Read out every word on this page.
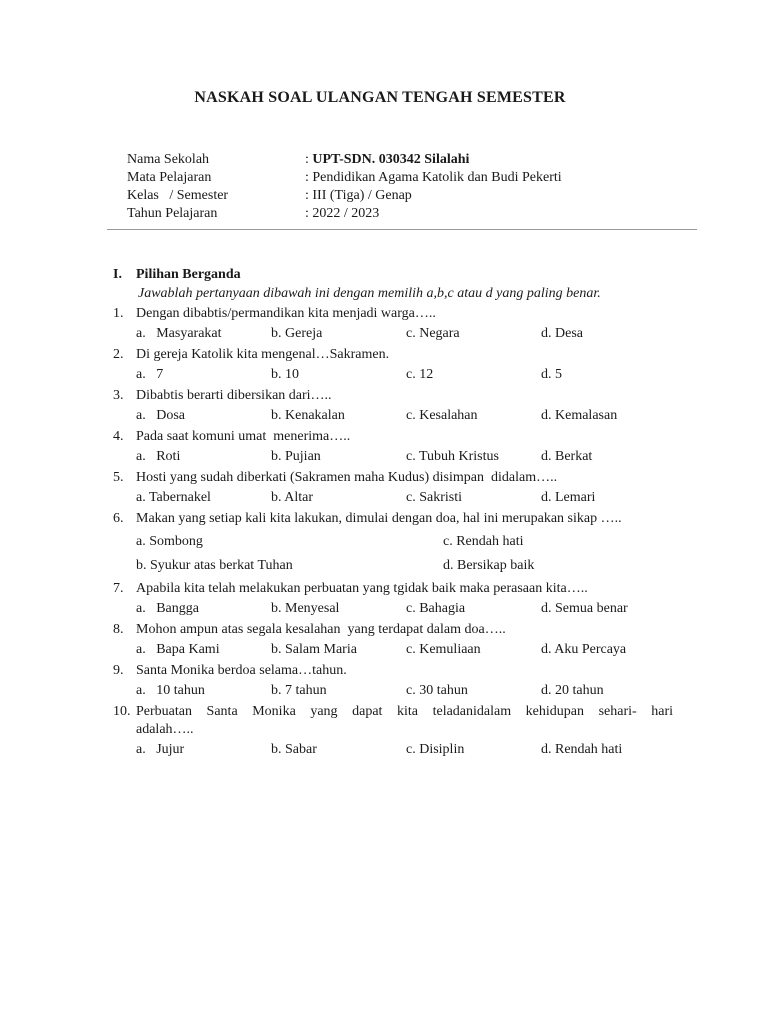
NASKAH SOAL ULANGAN TENGAH SEMESTER
Nama Sekolah	: UPT-SDN. 030342 Silalahi
Mata Pelajaran	: Pendidikan Agama Katolik dan Budi Pekerti
Kelas   / Semester	: III (Tiga) / Genap
Tahun Pelajaran	: 2022 / 2023
I.	Pilihan Berganda
Jawablah pertanyaan dibawah ini dengan memilih a,b,c atau d yang paling benar.
1. Dengan dibabtis/permandikan kita menjadi warga…..
a.   Masyarakat	b. Gereja	c. Negara	d. Desa
2. Di gereja Katolik kita mengenal…Sakramen.
a.   7	b. 10	c. 12	d. 5
3. Dibabtis berarti dibersikan dari…..
a.   Dosa	b. Kenakalan	c. Kesalahan	d. Kemalasan
4. Pada saat komuni umat  menerima…..
a.   Roti	b. Pujian	c. Tubuh Kristus	d. Berkat
5. Hosti yang sudah diberkati (Sakramen maha Kudus) disimpan  didalam…..
a. Tabernakel	b. Altar	c. Sakristi	d. Lemari
6. Makan yang setiap kali kita lakukan, dimulai dengan doa, hal ini merupakan sikap …..
a. Sombong	c. Rendah hati
b. Syukur atas berkat Tuhan	d. Bersikap baik
7. Apabila kita telah melakukan perbuatan yang tgidak baik maka perasaan kita…..
a.   Bangga	b. Menyesal	c. Bahagia	d. Semua benar
8. Mohon ampun atas segala kesalahan  yang terdapat dalam doa…..
a.   Bapa Kami	b. Salam Maria	c. Kemuliaan	d. Aku Percaya
9. Santa Monika berdoa selama…tahun.
a.   10 tahun	b. 7 tahun	c. 30 tahun	d. 20 tahun
10. Perbuatan Santa Monika yang dapat kita teladanidalam kehidupan sehari- hari
adalah…..
a.   Jujur	b. Sabar	c. Disiplin	d. Rendah hati
